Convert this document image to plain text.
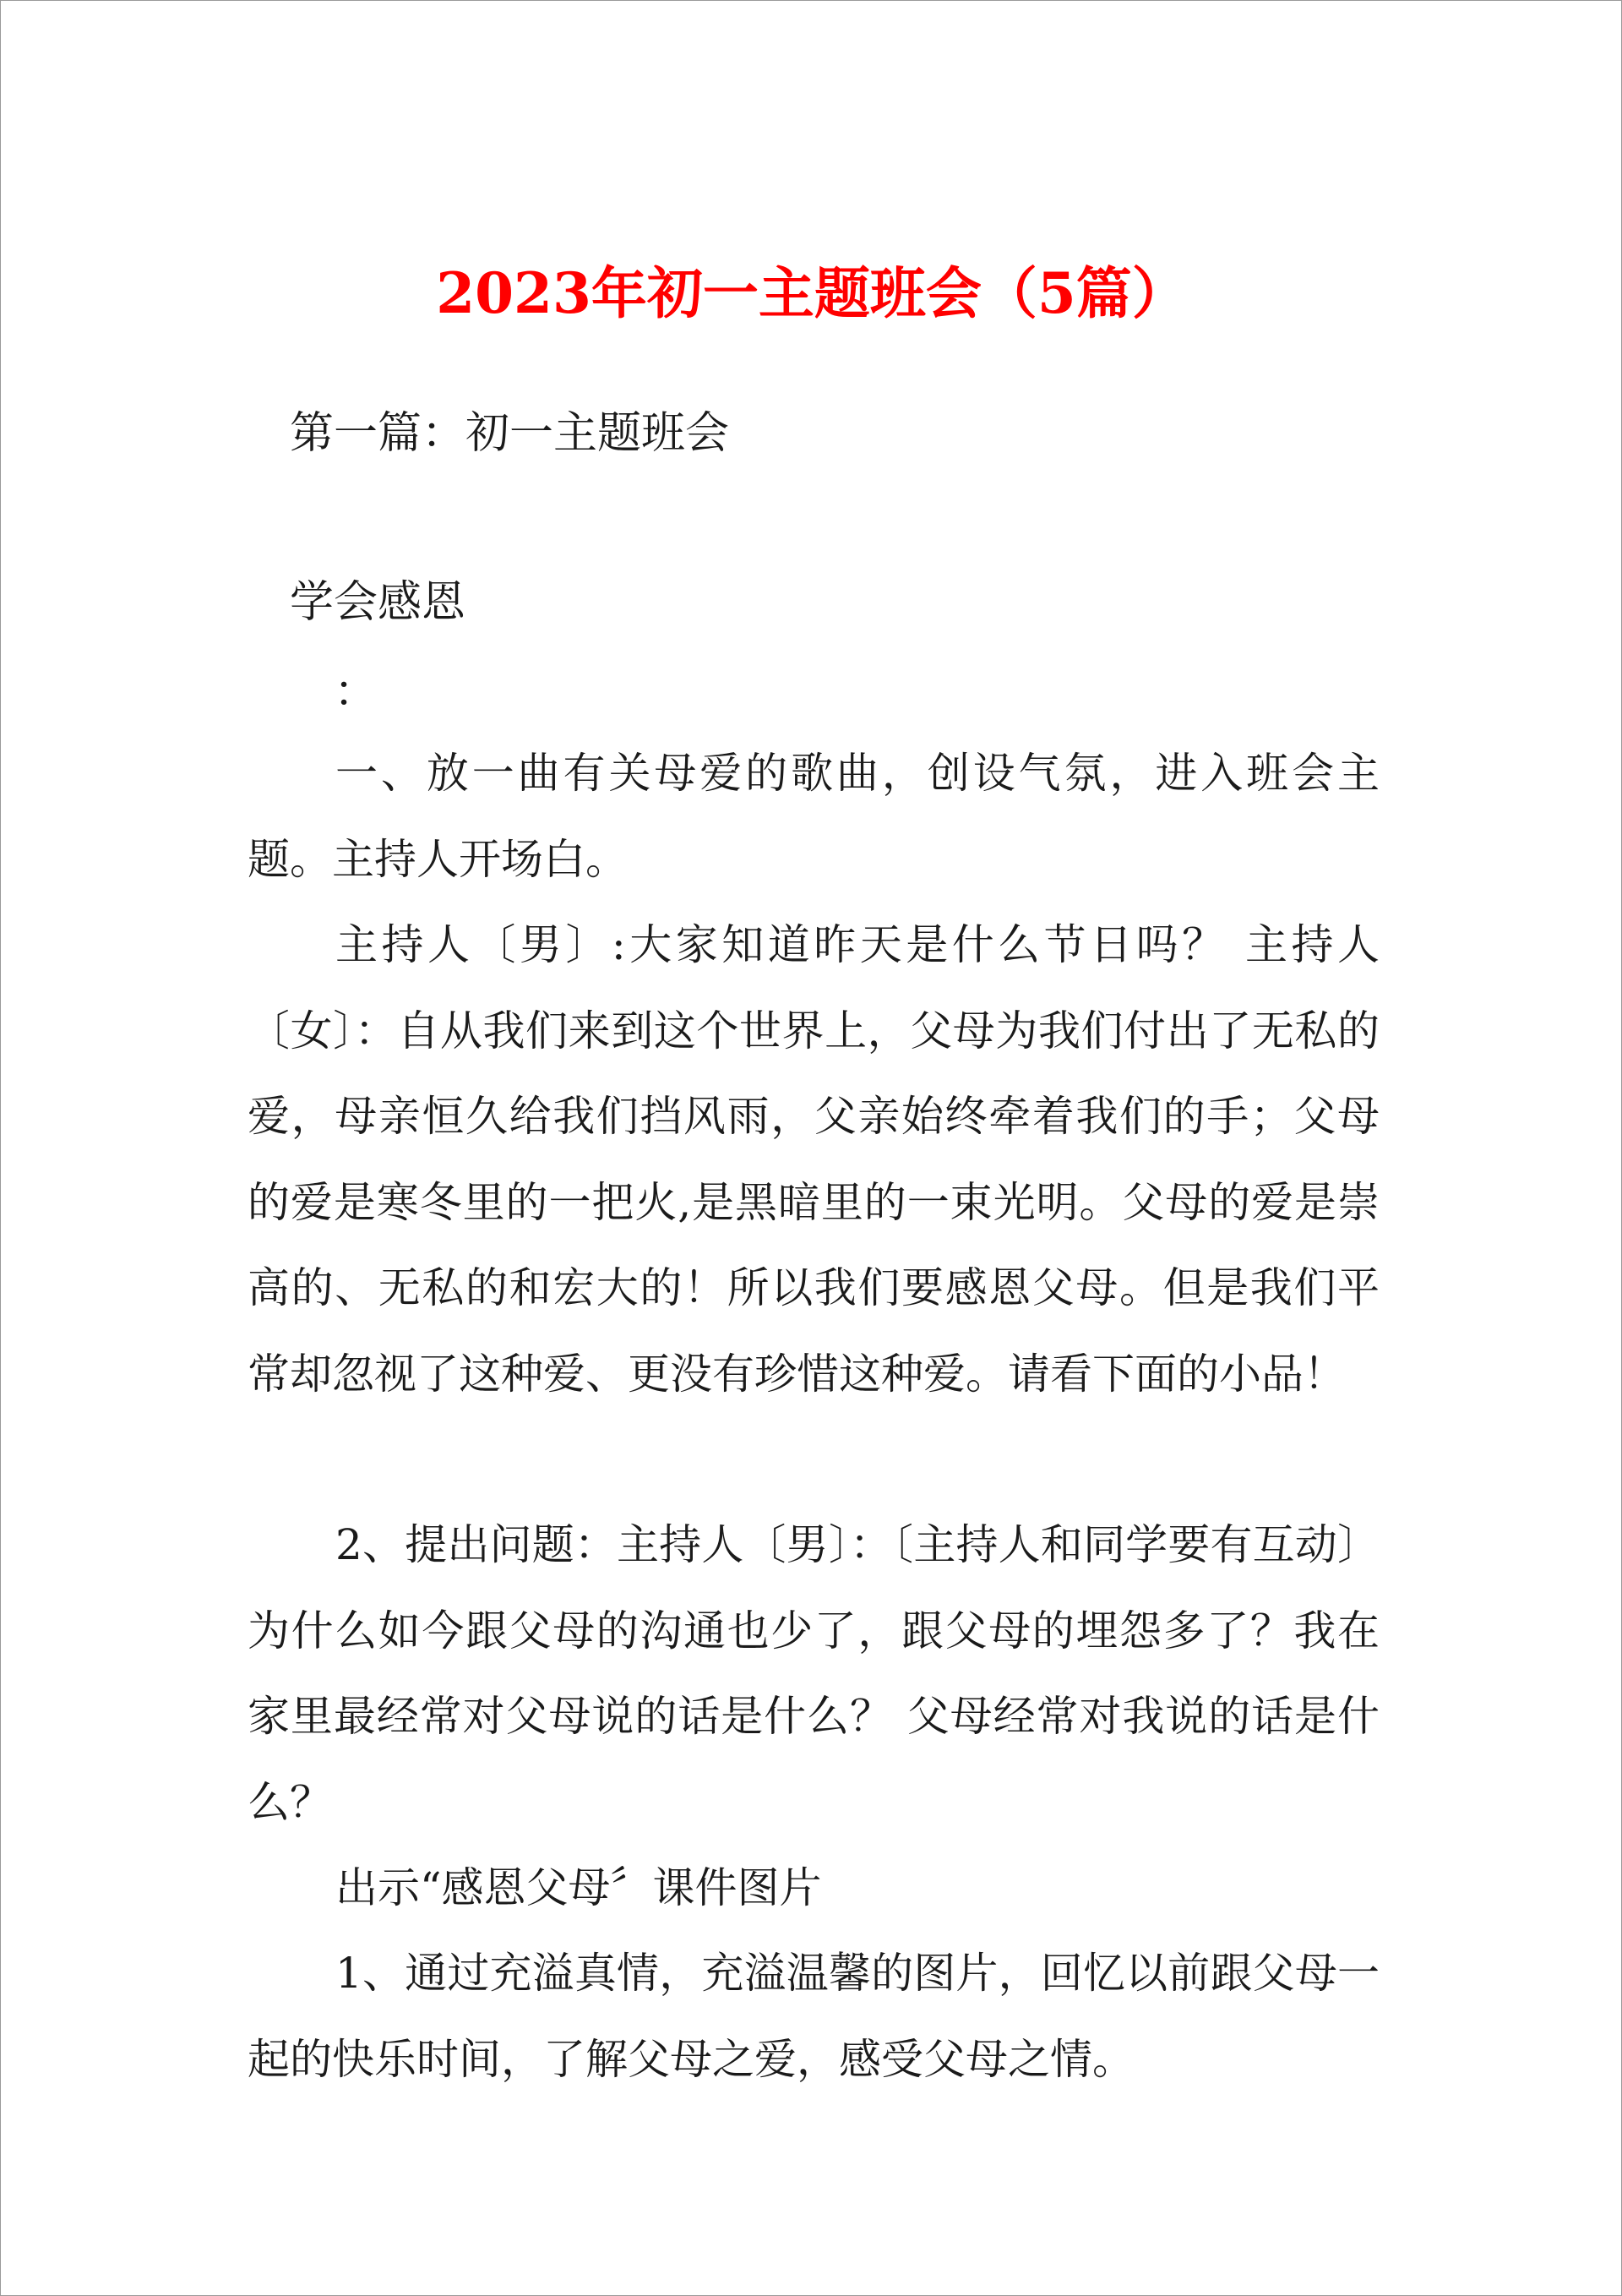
2023年初一主题班会（5篇）
第一篇：初一主题班会
学会感恩
：

一、放一曲有关母爱的歌曲，创设气氛，进入班会主题。主持人开场白。

主持人〔男〕:大家知道昨天是什么节日吗？ 主持人〔女〕：自从我们来到这个世界上，父母为我们付出了无私的爱，母亲恒久给我们挡风雨，父亲始终牵着我们的手；父母的爱是寒冬里的一把火,是黑暗里的一束光明。父母的爱是崇高的、无私的和宏大的！所以我们要感恩父母。但是我们平常却忽视了这种爱、更没有珍惜这种爱。请看下面的小品！

2、提出问题：主持人〔男〕：〔主持人和同学要有互动〕为什么如今跟父母的沟通也少了，跟父母的埋怨多了？我在家里最经常对父母说的话是什么？ 父母经常对我说的话是什么？

出示“感恩父母〞课件图片

1、通过充溢真情，充溢温馨的图片，回忆以前跟父母一起的快乐时间，了解父母之爱，感受父母之情。
